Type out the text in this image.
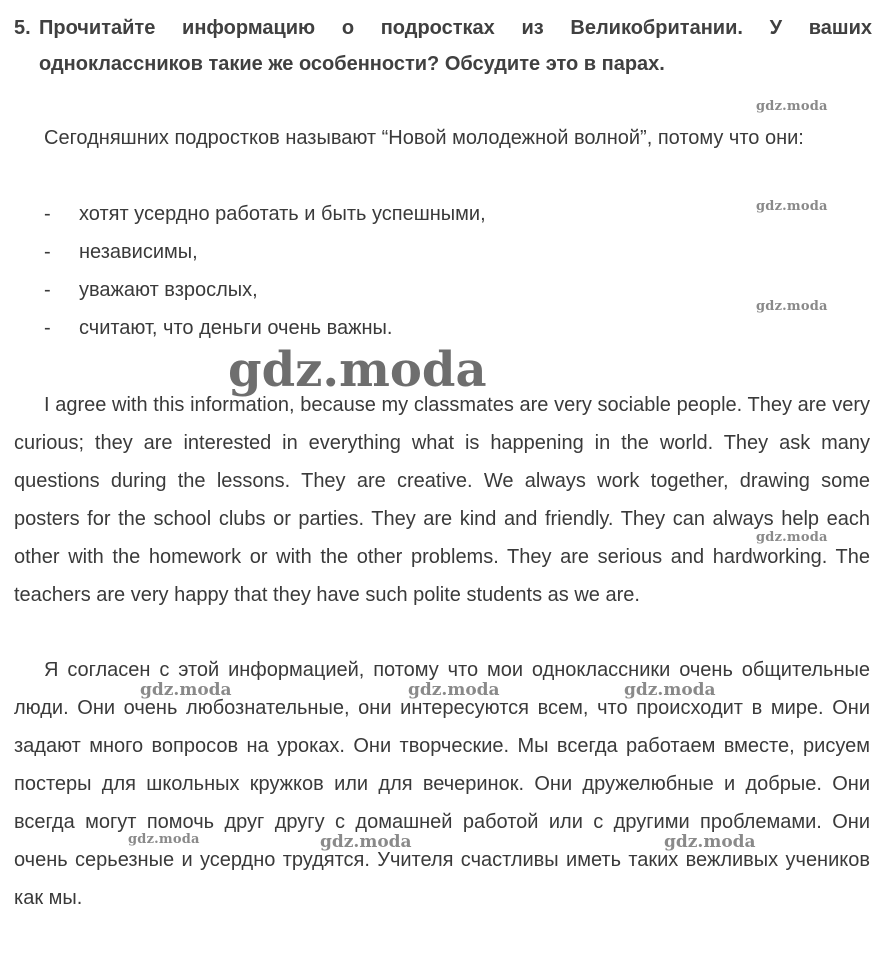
5. Прочитайте информацию о подростках из Великобритании. У ваших одноклассников такие же особенности? Обсудите это в парах.
Сегодняшних подростков называют “Новой молодежной волной”, потому что они:
- хотят усердно работать и быть успешными,
- независимы,
- уважают взрослых,
- считают, что деньги очень важны.
I agree with this information, because my classmates are very sociable people. They are very curious; they are interested in everything what is happening in the world. They ask many questions during the lessons. They are creative. We always work together, drawing some posters for the school clubs or parties. They are kind and friendly. They can always help each other with the homework or with the other problems. They are serious and hardworking. The teachers are very happy that they have such polite students as we are.
Я согласен с этой информацией, потому что мои одноклассники очень общительные люди. Они очень любознательные, они интересуются всем, что происходит в мире. Они задают много вопросов на уроках. Они творческие. Мы всегда работаем вместе, рисуем постеры для школьных кружков или для вечеринок. Они дружелюбные и добрые. Они всегда могут помочь друг другу с домашней работой или с другими проблемами. Они очень серьезные и усердно трудятся. Учителя счастливы иметь таких вежливых учеников как мы.
gdz.moda
gdz.moda
gdz.moda
gdz.moda
gdz.moda
gdz.moda	gdz.moda	gdz.moda
gdz.moda	gdz.moda	gdz.moda
